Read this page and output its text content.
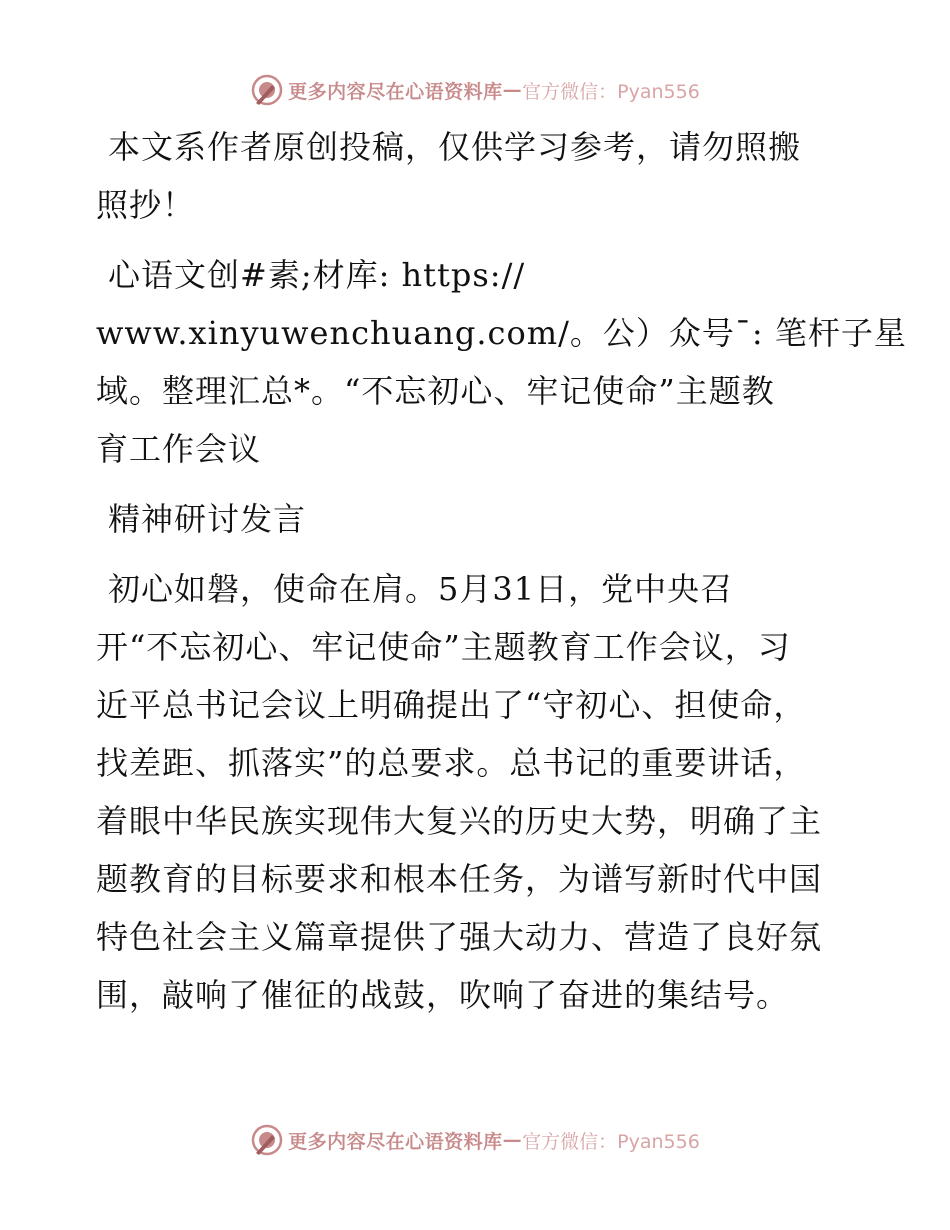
更多内容尽在心语资料库 — 官方微信：Pyan556

本文系作者原创投稿，仅供学习参考，请勿照搬
照抄！

心语文创#素;材库: https://
www.xinyuwenchuang.com/。公）众号¯: 笔杆子星
域。整理汇总*。“不忘初心、牢记使命”主题教
育工作会议

精神研讨发言

初心如磐，使命在肩。5月31日，党中央召
开“不忘初心、牢记使命”主题教育工作会议，习
近平总书记会议上明确提出了“守初心、担使命，
找差距、抓落实”的总要求。总书记的重要讲话，
着眼中华民族实现伟大复兴的历史大势，明确了主
题教育的目标要求和根本任务，为谱写新时代中国
特色社会主义篇章提供了强大动力、营造了良好氛
围，敲响了催征的战鼓，吹响了奋进的集结号。

更多内容尽在心语资料库 — 官方微信：Pyan556
